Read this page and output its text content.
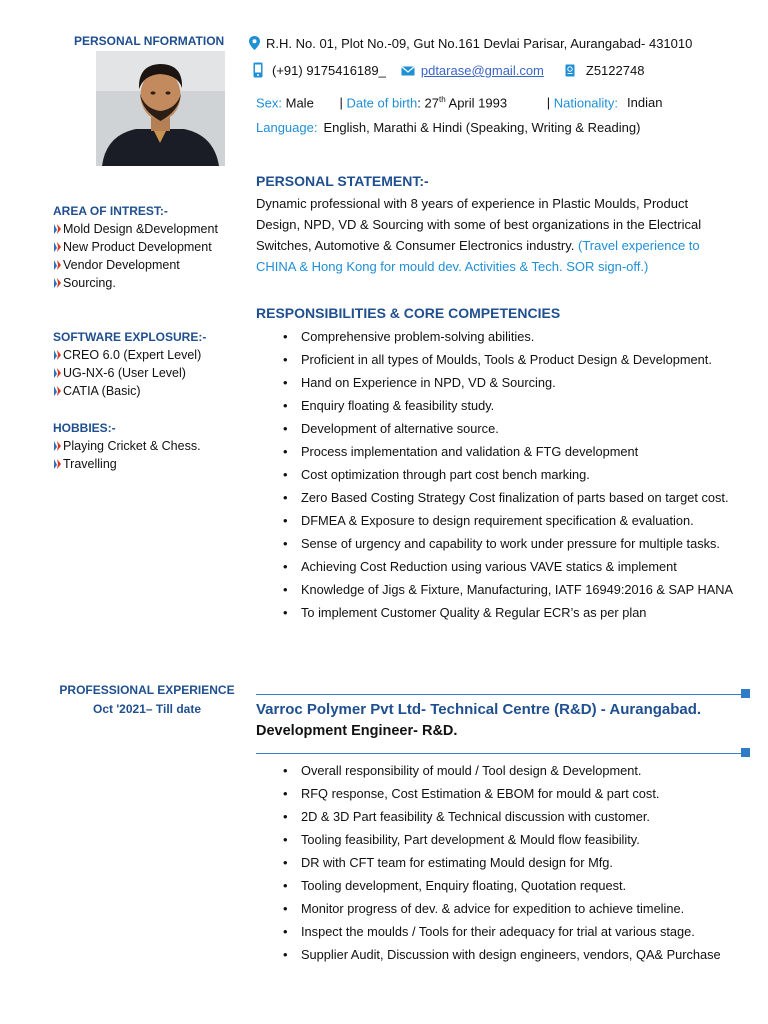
PERSONAL NFORMATION
AREA OF INTREST:-
Mold Design &Development
New Product Development
Vendor Development
Sourcing.
SOFTWARE EXPLOSURE:-
CREO 6.0 (Expert Level)
UG-NX-6 (User Level)
CATIA (Basic)
HOBBIES:-
Playing Cricket & Chess.
Travelling
PROFESSIONAL EXPERIENCE
Oct '2021– Till date
R.H. No. 01, Plot No.-09, Gut No.161 Devlai Parisar, Aurangabad- 431010
(+91) 9175416189_	pdtarase@gmail.com	Z5122748
Sex: Male | Date of birth: 27th April 1993	| Nationality: Indian
Language: English, Marathi & Hindi (Speaking, Writing & Reading)
PERSONAL STATEMENT:-
Dynamic professional with 8 years of experience in Plastic Moulds, Product Design, NPD, VD & Sourcing with some of best organizations in the Electrical Switches, Automotive & Consumer Electronics industry. (Travel experience to CHINA & Hong Kong for mould dev. Activities & Tech. SOR sign-off.)
RESPONSIBILITIES & CORE COMPETENCIES
• Comprehensive problem-solving abilities.
• Proficient in all types of Moulds, Tools & Product Design & Development.
• Hand on Experience in NPD, VD & Sourcing.
• Enquiry floating & feasibility study.
• Development of alternative source.
• Process implementation and validation & FTG development
• Cost optimization through part cost bench marking.
• Zero Based Costing Strategy Cost finalization of parts based on target cost.
• DFMEA & Exposure to design requirement specification & evaluation.
• Sense of urgency and capability to work under pressure for multiple tasks.
• Achieving Cost Reduction using various VAVE statics & implement
• Knowledge of Jigs & Fixture, Manufacturing, IATF 16949:2016 & SAP HANA
• To implement Customer Quality & Regular ECR’s as per plan
Varroc Polymer Pvt Ltd- Technical Centre (R&D) - Aurangabad.
Development Engineer- R&D.
• Overall responsibility of mould / Tool design & Development.
• RFQ response, Cost Estimation & EBOM for mould & part cost.
• 2D & 3D Part feasibility & Technical discussion with customer.
• Tooling feasibility, Part development & Mould flow feasibility.
• DR with CFT team for estimating Mould design for Mfg.
• Tooling development, Enquiry floating, Quotation request.
• Monitor progress of dev. & advice for expedition to achieve timeline.
• Inspect the moulds / Tools for their adequacy for trial at various stage.
• Supplier Audit, Discussion with design engineers, vendors, QA& Purchase
